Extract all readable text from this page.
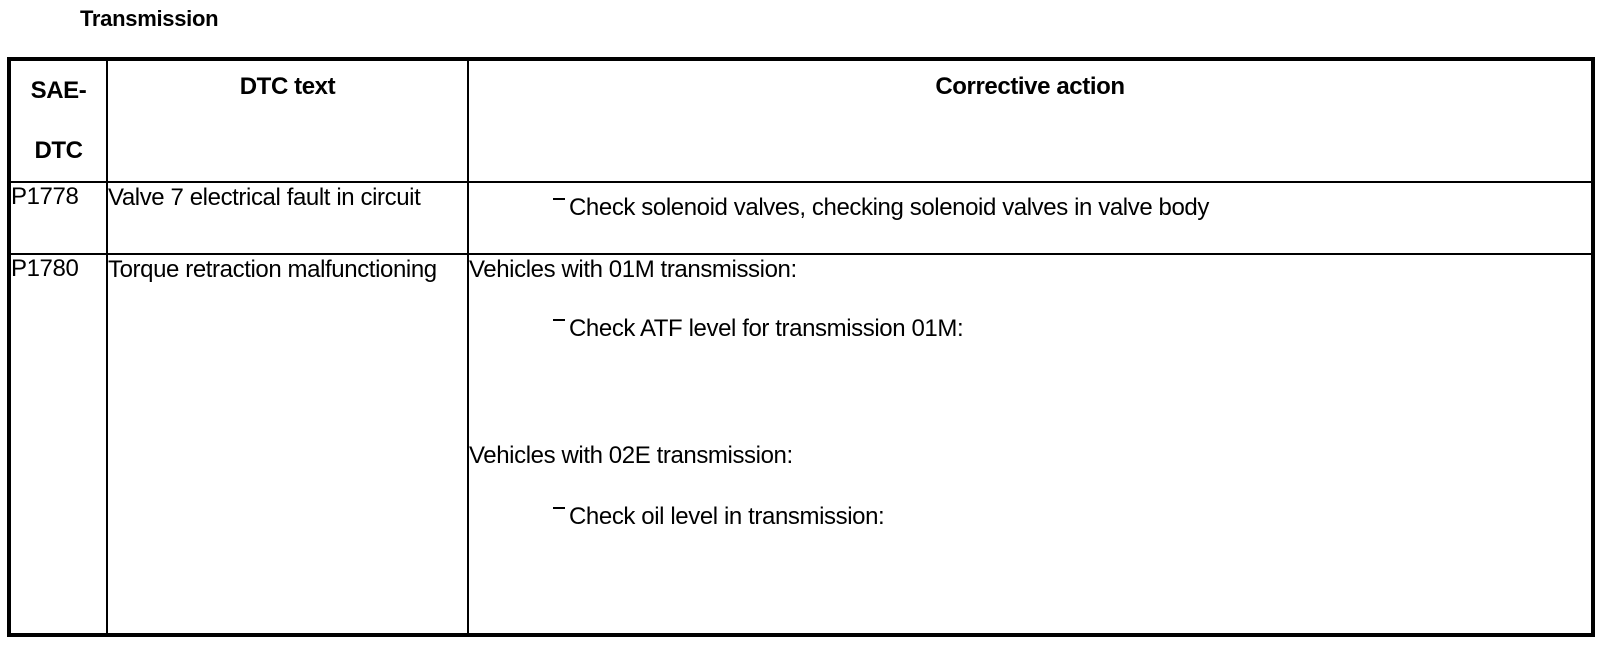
Transmission
SAE-
DTC	DTC text	Corrective action
P1778	Valve 7 electrical fault in circuit	Check solenoid valves, checking solenoid valves in valve body

P1780	Torque retraction malfunctioning	Vehicles with 01M transmission:
Check ATF level for transmission 01M:
Vehicles with 02E transmission:
Check oil level in transmission:
